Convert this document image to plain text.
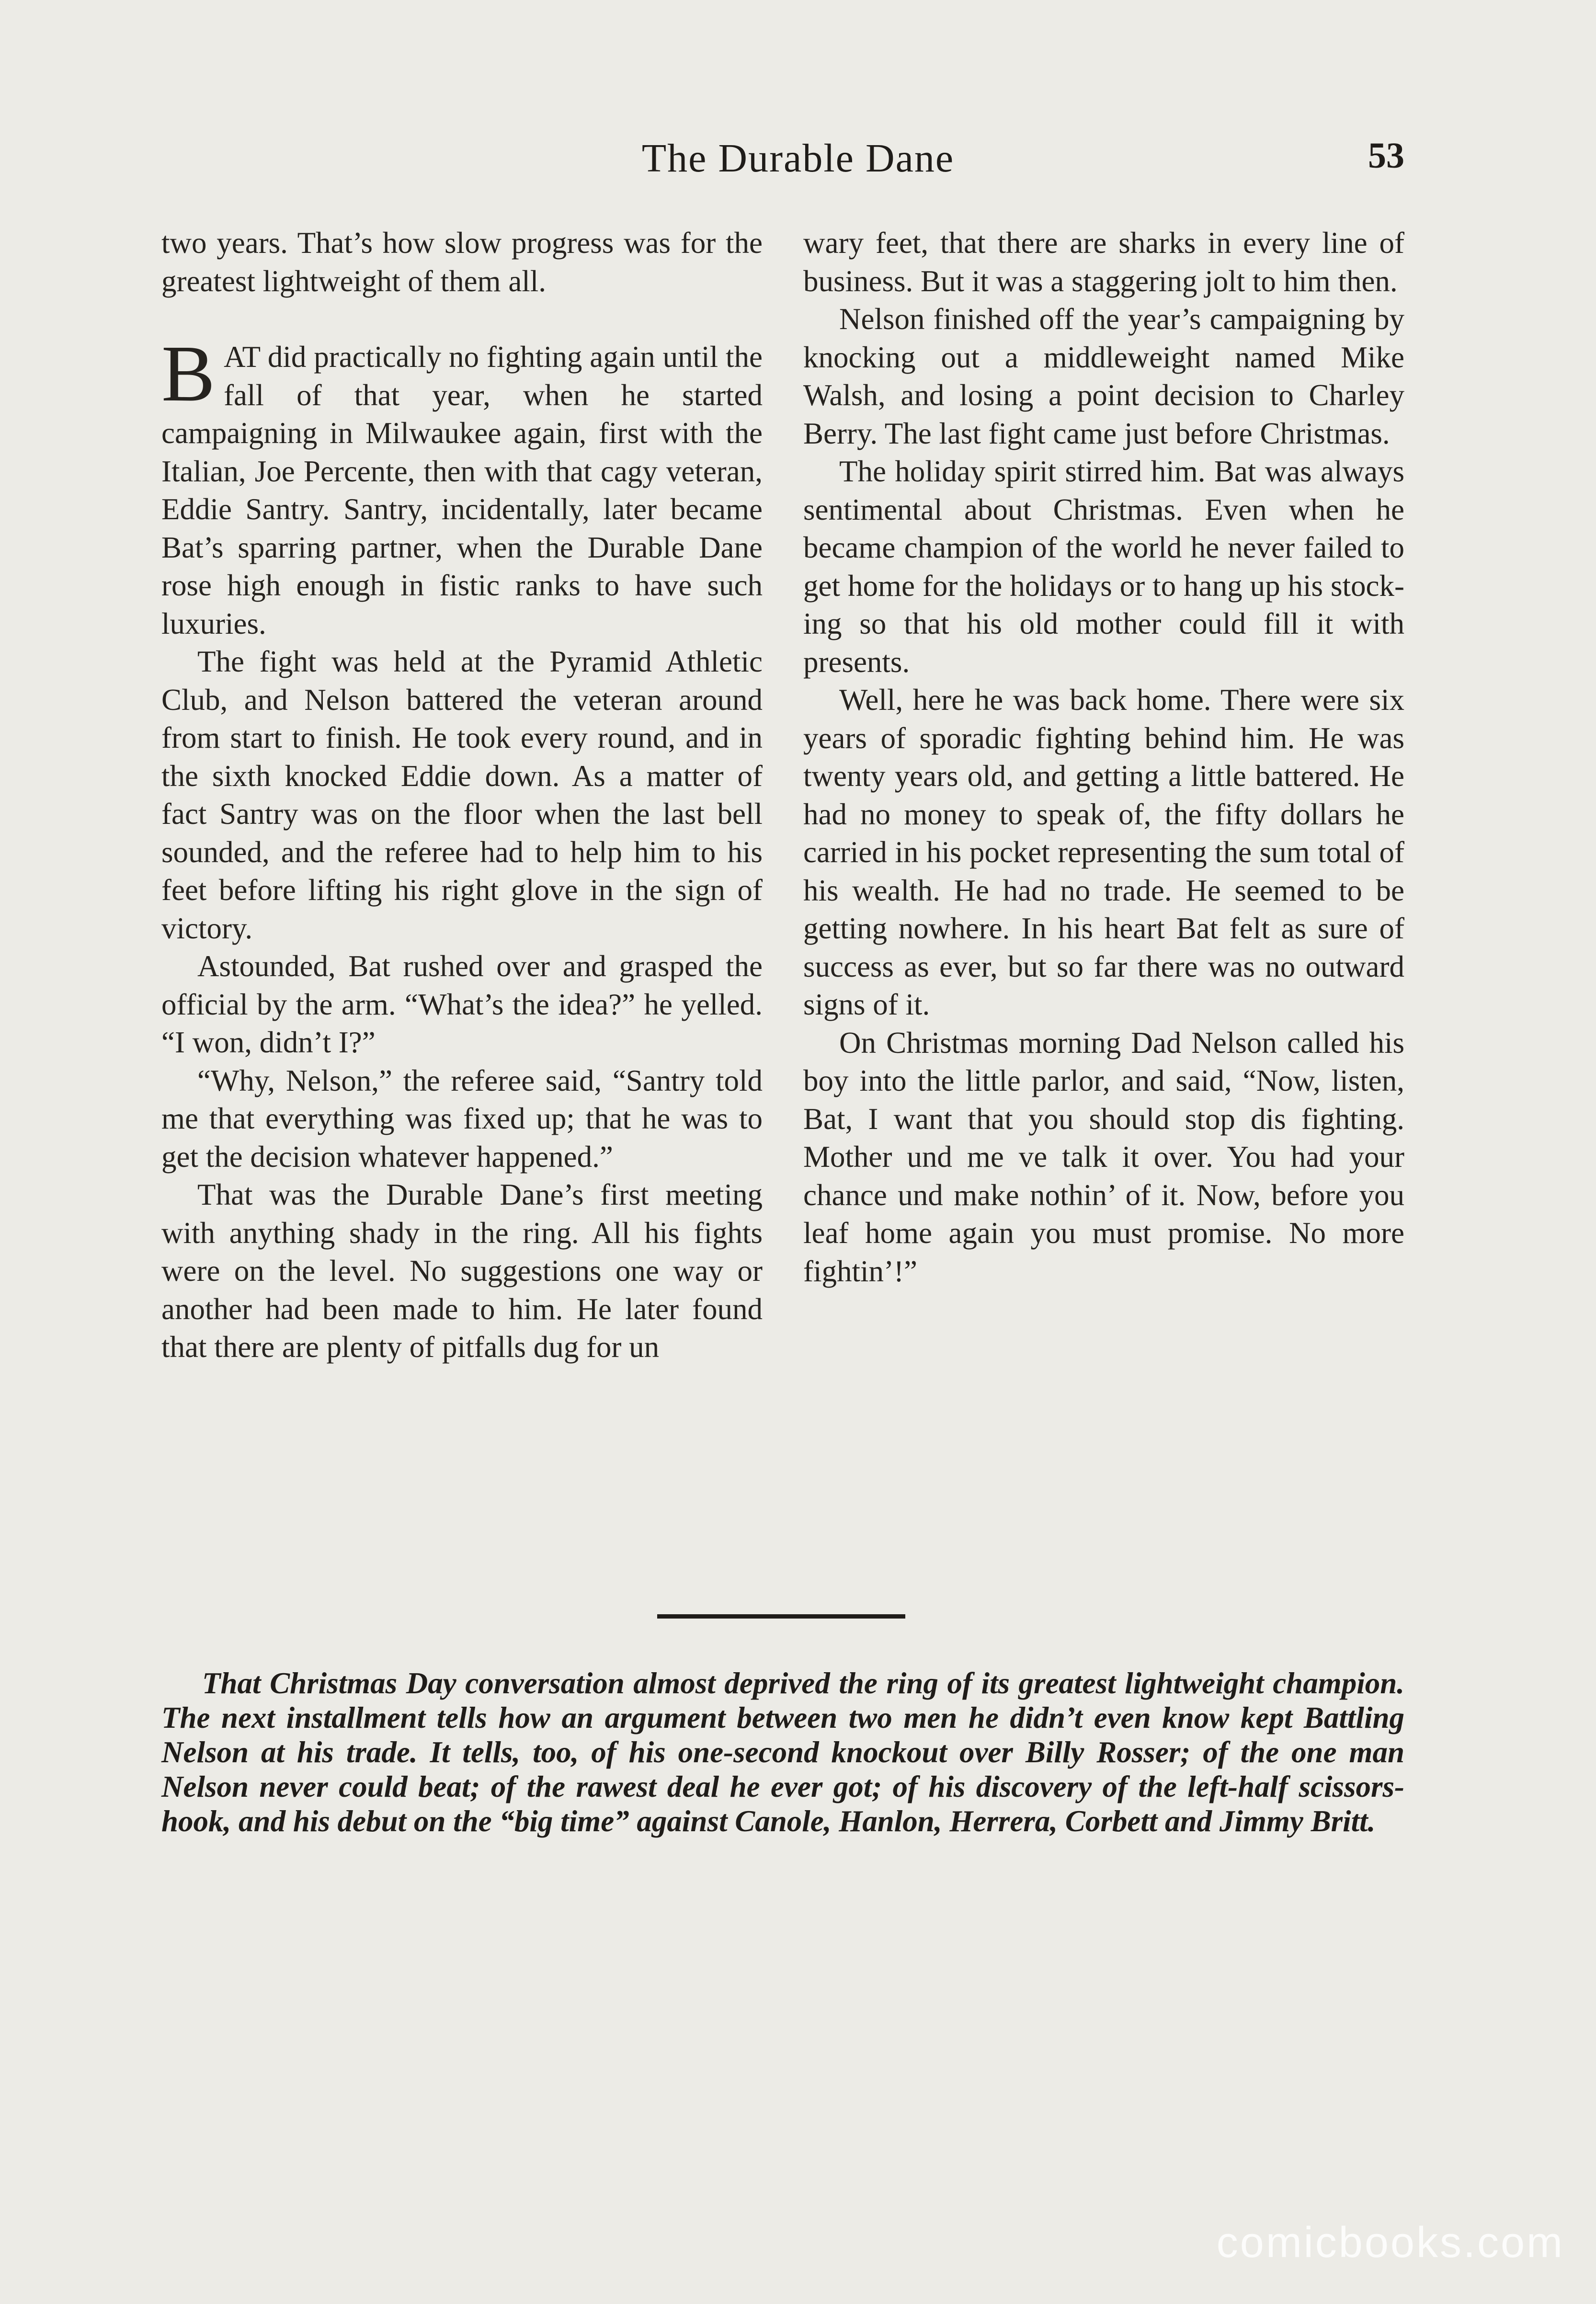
The Durable Dane	53

two years. That’s how slow progress was for the greatest lightweight of them all.

BAT did practically no fighting again until the fall of that year, when he started campaigning in Milwaukee again, first with the Italian, Joe Percente, then with that cagy veteran, Eddie Santry. Santry, incidentally, later became Bat’s sparring partner, when the Durable Dane rose high enough in fistic ranks to have such luxuries.

The fight was held at the Pyramid Athletic Club, and Nelson battered the veteran around from start to finish. He took every round, and in the sixth knocked Eddie down. As a matter of fact Santry was on the floor when the last bell sounded, and the referee had to help him to his feet before lifting his right glove in the sign of victory.

Astounded, Bat rushed over and grasped the official by the arm. “What’s the idea?” he yelled. “I won, didn’t I?”

“Why, Nelson,” the referee said, “Santry told me that everything was fixed up; that he was to get the decision whatever happened.”

That was the Durable Dane’s first meeting with anything shady in the ring. All his fights were on the level. No suggestions one way or another had been made to him. He later found that there are plenty of pitfalls dug for un

wary feet, that there are sharks in every line of business. But it was a staggering jolt to him then.

Nelson finished off the year’s campaigning by knocking out a middleweight named Mike Walsh, and losing a point decision to Charley Berry. The last fight came just before Christmas.

The holiday spirit stirred him. Bat was always sentimental about Christmas. Even when he became champion of the world he never failed to get home for the holidays or to hang up his stocking so that his old mother could fill it with presents.

Well, here he was back home. There were six years of sporadic fighting behind him. He was twenty years old, and getting a little battered. He had no money to speak of, the fifty dollars he carried in his pocket representing the sum total of his wealth. He had no trade. He seemed to be getting nowhere. In his heart Bat felt as sure of success as ever, but so far there was no outward signs of it.

On Christmas morning Dad Nelson called his boy into the little parlor, and said, “Now, listen, Bat, I want that you should stop dis fighting. Mother und me ve talk it over. You had your chance und make nothin’ of it. Now, before you leaf home again you must promise. No more fightin’!”

That Christmas Day conversation almost deprived the ring of its greatest lightweight champion. The next installment tells how an argument between two men he didn’t even know kept Battling Nelson at his trade. It tells, too, of his one-second knockout over Billy Rosser; of the one man Nelson never could beat; of the rawest deal he ever got; of his discovery of the left-half scissors-hook, and his debut on the “big time” against Canole, Hanlon, Herrera, Corbett and Jimmy Britt.

comicbooks.com
